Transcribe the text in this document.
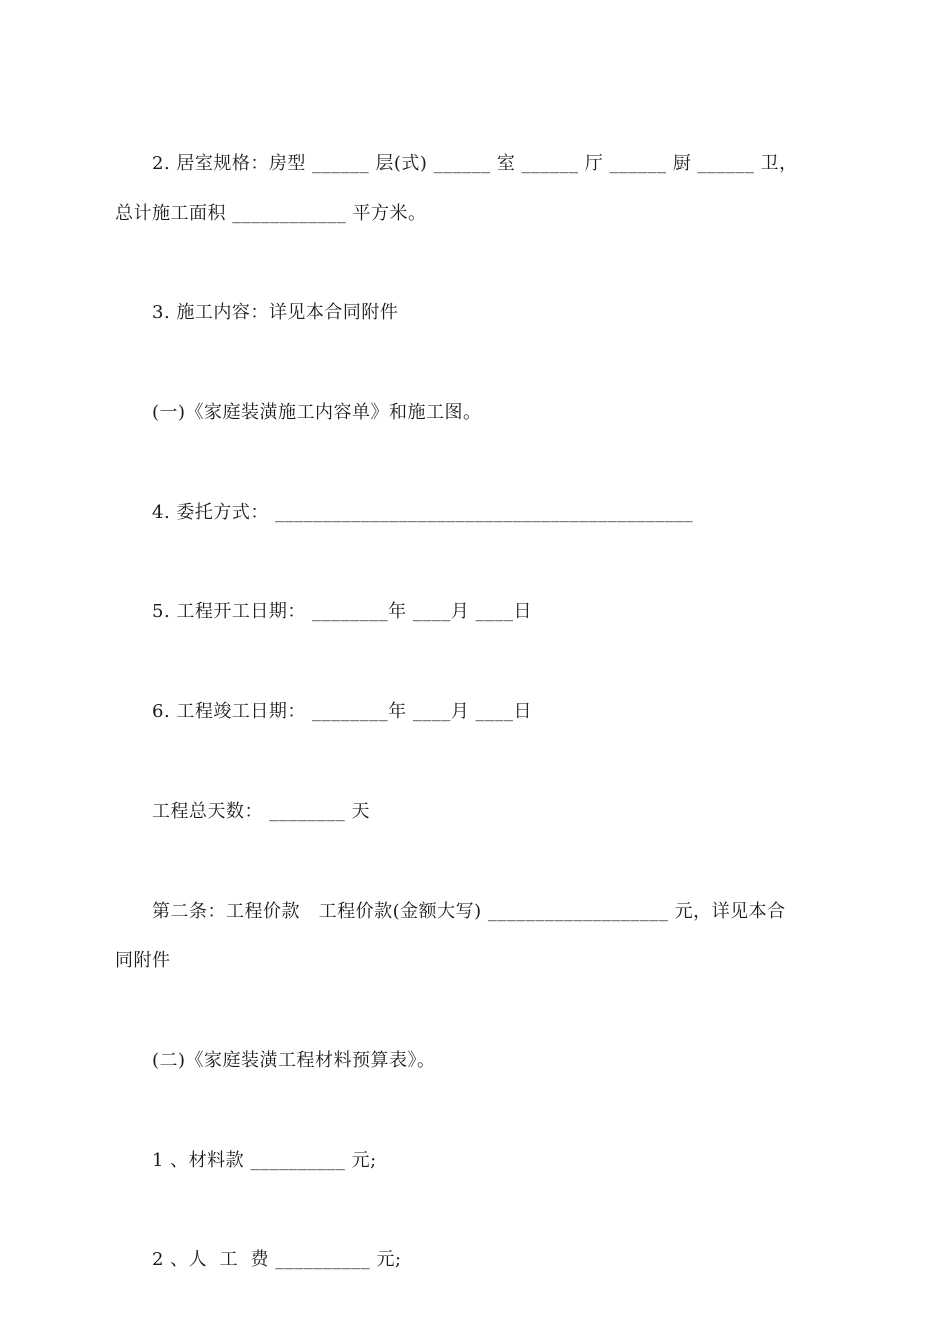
2. 居室规格：房型 ______ 层(式) ______ 室 ______ 厅 ______ 厨 ______ 卫，
总计施工面积 ____________ 平方米。
3. 施工内容：详见本合同附件
(一)《家庭装潢施工内容单》和施工图。
4. 委托方式： ____________________________________________
5. 工程开工日期： ________年 ____月 ____日
6. 工程竣工日期： ________年 ____月 ____日
工程总天数： ________ 天
第二条：工程价款   工程价款(金额大写) ___________________ 元，详见本合
同附件
(二)《家庭装潢工程材料预算表》。
1 、材料款 __________ 元;
2 、人  工  费 __________ 元;
